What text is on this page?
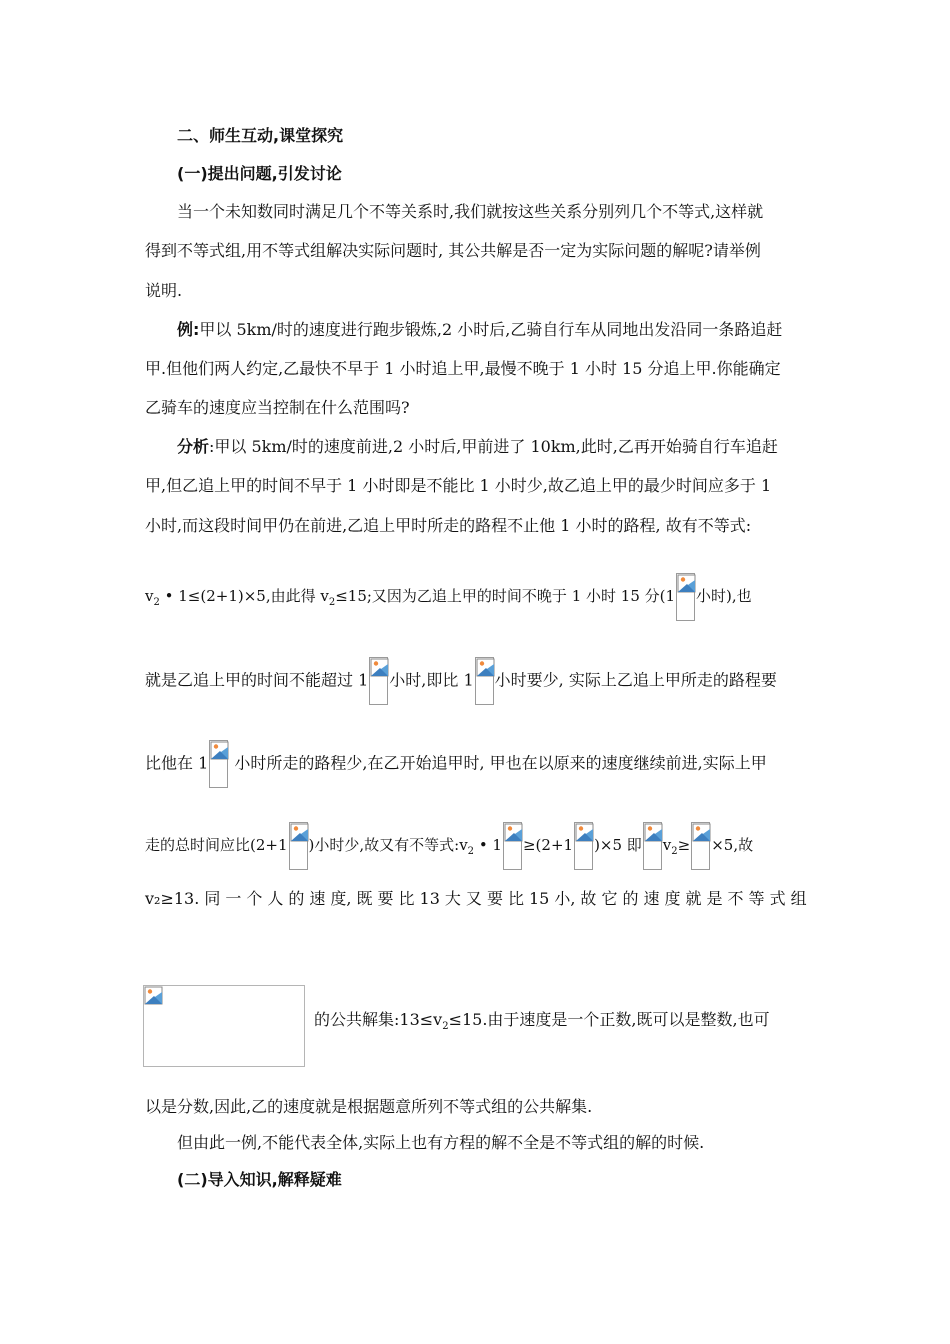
二、师生互动,课堂探究
(一)提出问题,引发讨论
当一个未知数同时满足几个不等关系时,我们就按这些关系分别列几个不等式,这样就
得到不等式组,用不等式组解决实际问题时, 其公共解是否一定为实际问题的解呢?请举例
说明.
例:甲以 5km/时的速度进行跑步锻炼,2 小时后,乙骑自行车从同地出发沿同一条路追赶
甲.但他们两人约定,乙最快不早于 1 小时追上甲,最慢不晚于 1 小时 15 分追上甲.你能确定
乙骑车的速度应当控制在什么范围吗?
分析:甲以 5km/时的速度前进,2 小时后,甲前进了 10km,此时,乙再开始骑自行车追赶
甲,但乙追上甲的时间不早于 1 小时即是不能比 1 小时少,故乙追上甲的最少时间应多于 1
小时,而这段时间甲仍在前进,乙追上甲时所走的路程不止他 1 小时的路程, 故有不等式:
$v_2$ • 1≤(2+1)×5,由此得 $v_2\le 15$;又因为乙追上甲的时间不晚于 1 小时 15 分(1 小时),也
就是乙追上甲的时间不能超过 1 小时,即比 1 小时要少, 实际上乙追上甲所走的路程要
比他在 1
小时所走的路程少,在乙开始追甲时, 甲也在以原来的速度继续前进,实际上甲
走的总时间应比(2+1 )小时少,故又有不等式$:v_2$ • 1 ≥(2+1 )×5 即 $v_2\ge \times 5$,故
v₂≥13. 同 一 个 人 的 速 度, 既 要 比 13 大 又 要 比 15 小, 故 它 的 速 度 就 是 不 等 式 组
的公共解集$:13\le v_2\le 15$.由于速度是一个正数,既可以是整数,也可
以是分数,因此,乙的速度就是根据题意所列不等式组的公共解集.
但由此一例,不能代表全体,实际上也有方程的解不全是不等式组的解的时候.
(二)导入知识,解释疑难
